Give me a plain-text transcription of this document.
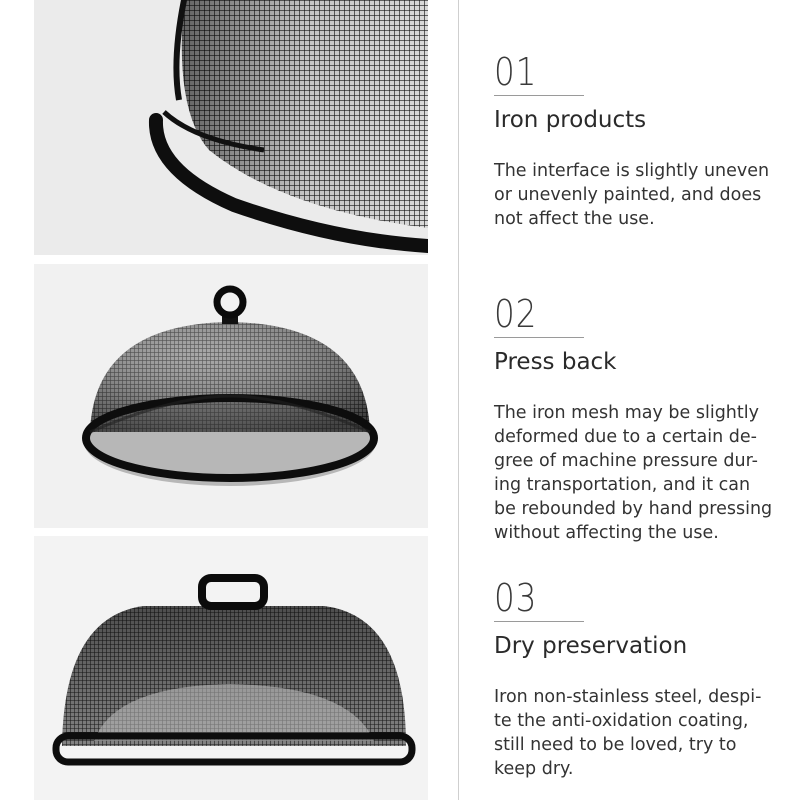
01
Iron products
The interface is slightly uneven
or unevenly painted, and does
not affect the use.
02
Press back
The iron mesh may be slightly
deformed due to a certain de-
gree of machine pressure dur-
ing transportation, and it can
be rebounded by hand pressing
without affecting the use.
03
Dry preservation
Iron non-stainless steel, despi-
te the anti-oxidation coating,
still need to be loved, try to
keep dry.
